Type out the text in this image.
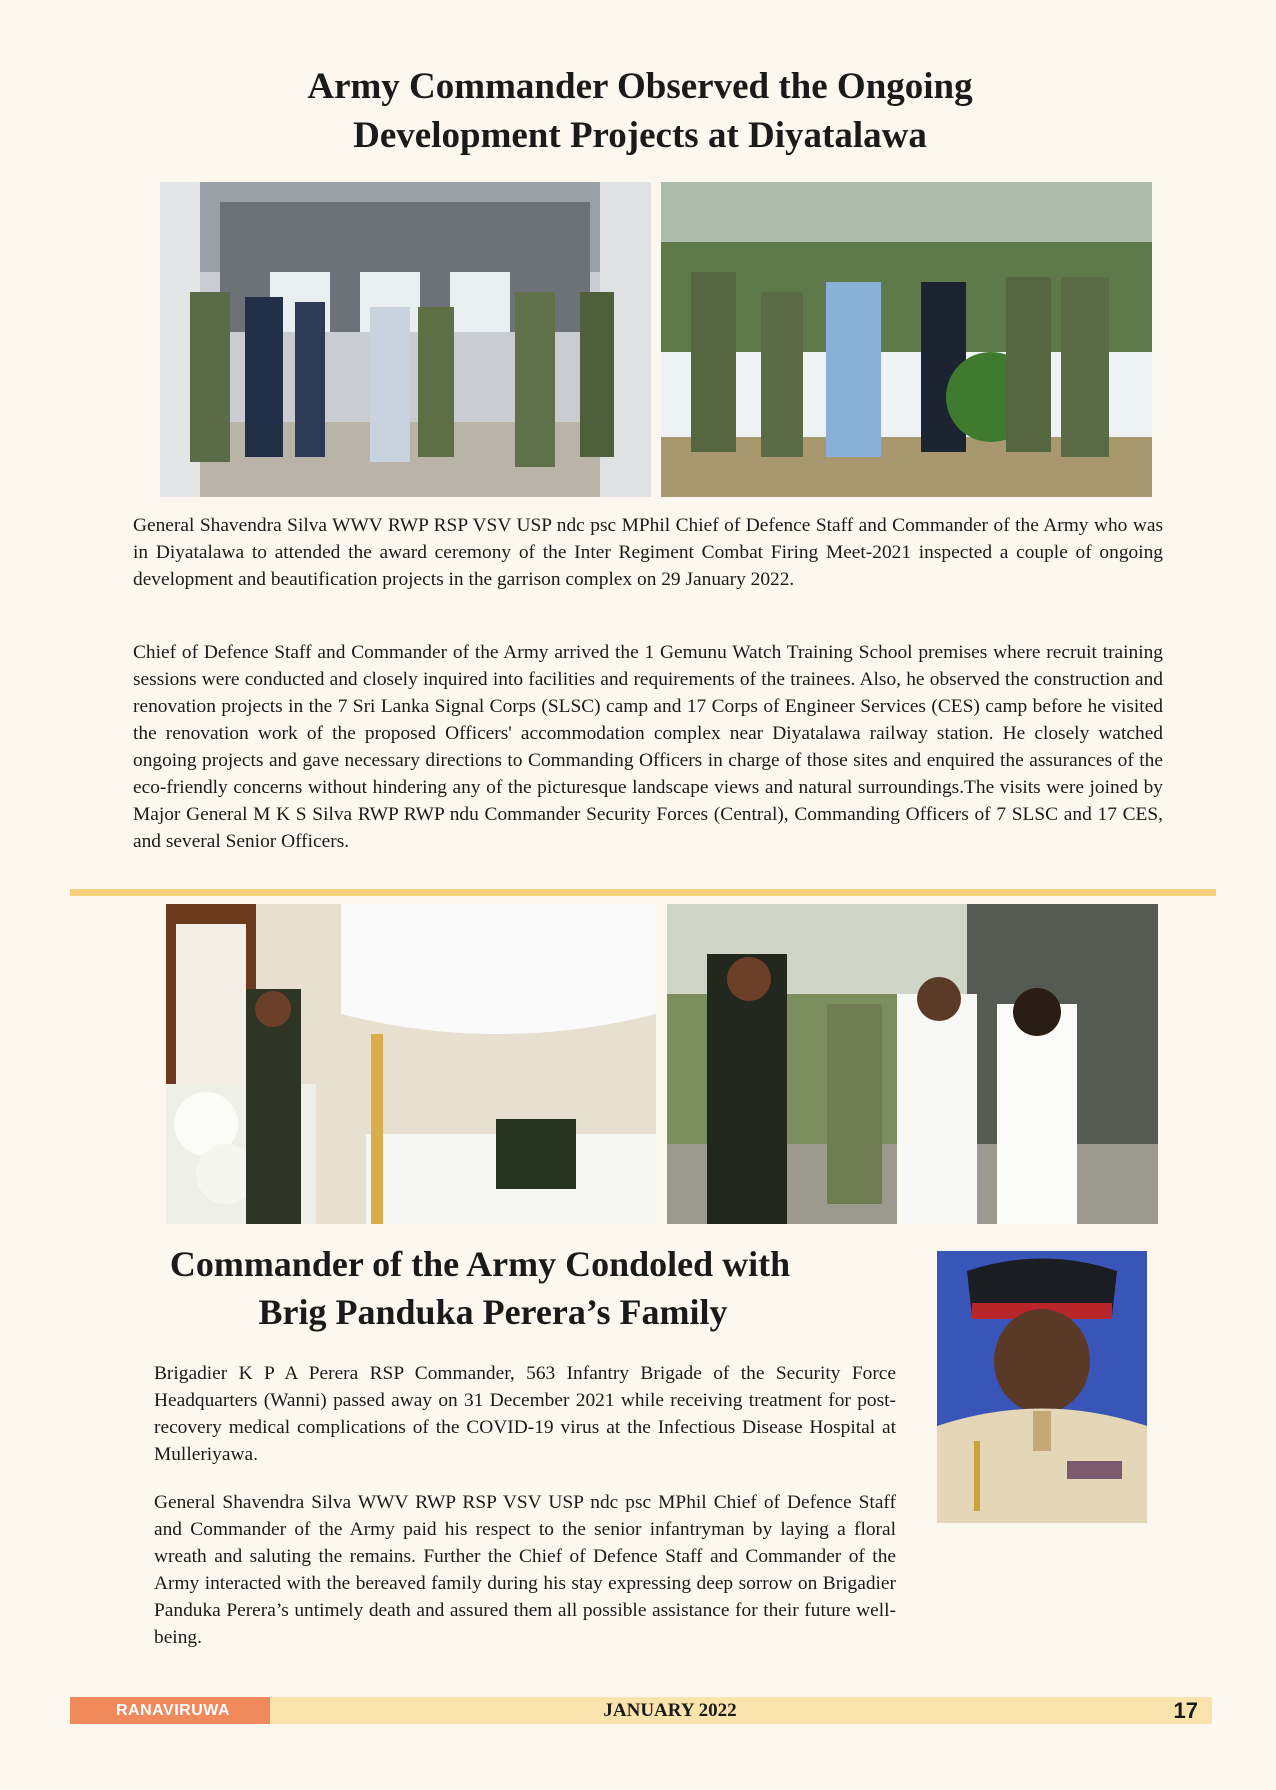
Army Commander Observed the Ongoing
Development Projects at Diyatalawa

General Shavendra Silva WWV RWP RSP VSV USP ndc psc MPhil Chief of Defence Staff and Commander of the Army who was in Diyatalawa to attended the award ceremony of the Inter Regiment Combat Firing Meet-2021 inspected a couple of ongoing development and beautification projects in the garrison complex on 29 January 2022.

Chief of Defence Staff and Commander of the Army arrived the 1 Gemunu Watch Training School premises where recruit training sessions were conducted and closely inquired into facilities and requirements of the trainees. Also, he observed the construction and renovation projects in the 7 Sri Lanka Signal Corps (SLSC) camp and 17 Corps of Engineer Services (CES) camp before he visited the renovation work of the proposed Officers' accommodation complex near Diyatalawa railway station. He closely watched ongoing projects and gave necessary directions to Commanding Officers in charge of those sites and enquired the assurances of the eco-friendly concerns without hindering any of the picturesque landscape views and natural surroundings.The visits were joined by Major General M K S Silva RWP RWP ndu Commander Security Forces (Central), Commanding Officers of 7 SLSC and 17 CES, and several Senior Officers.

Commander of the Army Condoled with
Brig Panduka Perera’s Family

Brigadier K P A Perera RSP Commander, 563 Infantry Brigade of the Security Force Headquarters (Wanni) passed away on 31 December 2021 while receiving treatment for post- recovery medical complications of the COVID-19 virus at the Infectious Disease Hospital at Mulleriyawa.

General Shavendra Silva WWV RWP RSP VSV USP ndc psc MPhil Chief of Defence Staff and Commander of the Army paid his respect to the senior infantryman by laying a floral wreath and saluting the remains. Further the Chief of Defence Staff and Commander of the Army interacted with the bereaved family during his stay expressing deep sorrow on Brigadier Panduka Perera’s untimely death and assured them all possible assistance for their future well-being.

RANAVIRUWA	JANUARY 2022	17
